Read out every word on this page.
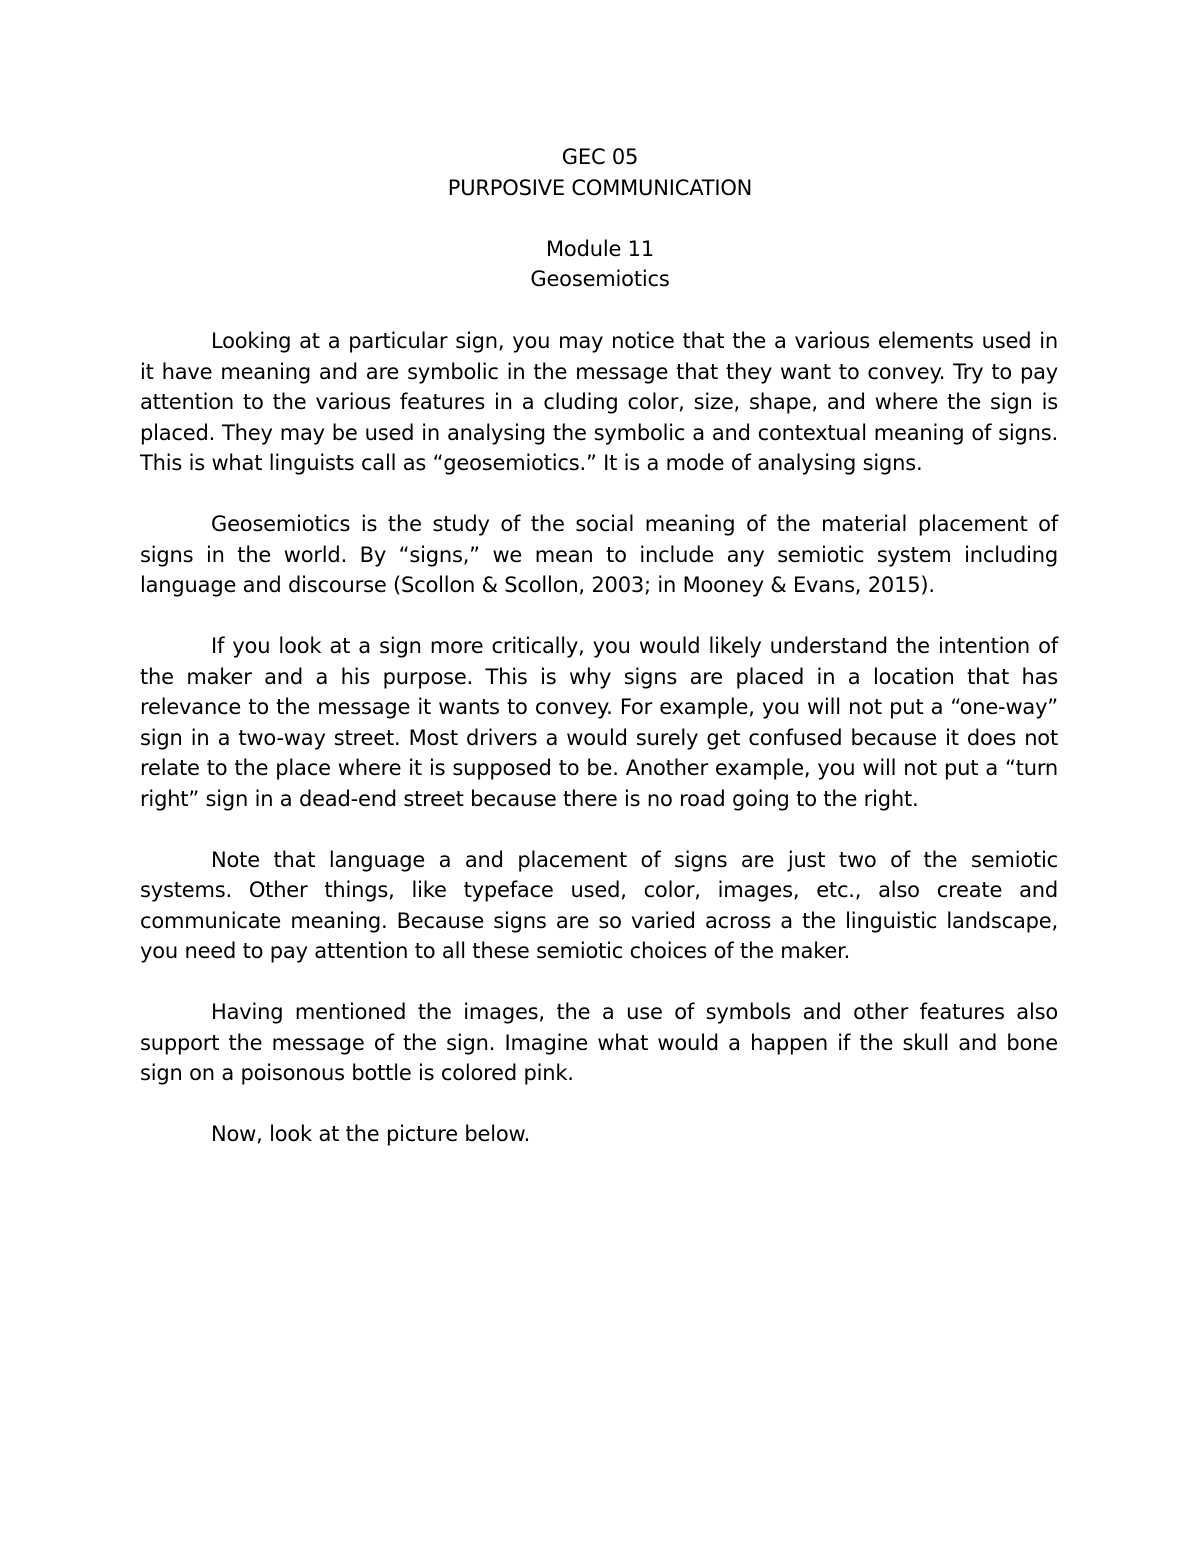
GEC 05
PURPOSIVE COMMUNICATION
Module 11
Geosemiotics

Looking at a particular sign, you may notice that the a various elements used in it have meaning and are symbolic in the message that they want to convey. Try to pay attention to the various features in a cluding color, size, shape, and where the sign is placed. They may be used in analysing the symbolic a and contextual meaning of signs. This is what linguists call as “geosemiotics.” It is a mode of analysing signs.

Geosemiotics is the study of the social meaning of the material placement of signs in the world. By “signs,” we mean to include any semiotic system including language and discourse (Scollon & Scollon, 2003; in Mooney & Evans, 2015).

If you look at a sign more critically, you would likely understand the intention of the maker and a his purpose. This is why signs are placed in a location that has relevance to the message it wants to convey. For example, you will not put a “one-way” sign in a two-way street. Most drivers a would surely get confused because it does not relate to the place where it is supposed to be. Another example, you will not put a “turn right” sign in a dead-end street because there is no road going to the right.

Note that language a and placement of signs are just two of the semiotic systems. Other things, like typeface used, color, images, etc., also create and communicate meaning. Because signs are so varied across a the linguistic landscape, you need to pay attention to all these semiotic choices of the maker.

Having mentioned the images, the a use of symbols and other features also support the message of the sign. Imagine what would a happen if the skull and bone sign on a poisonous bottle is colored pink.

Now, look at the picture below.
